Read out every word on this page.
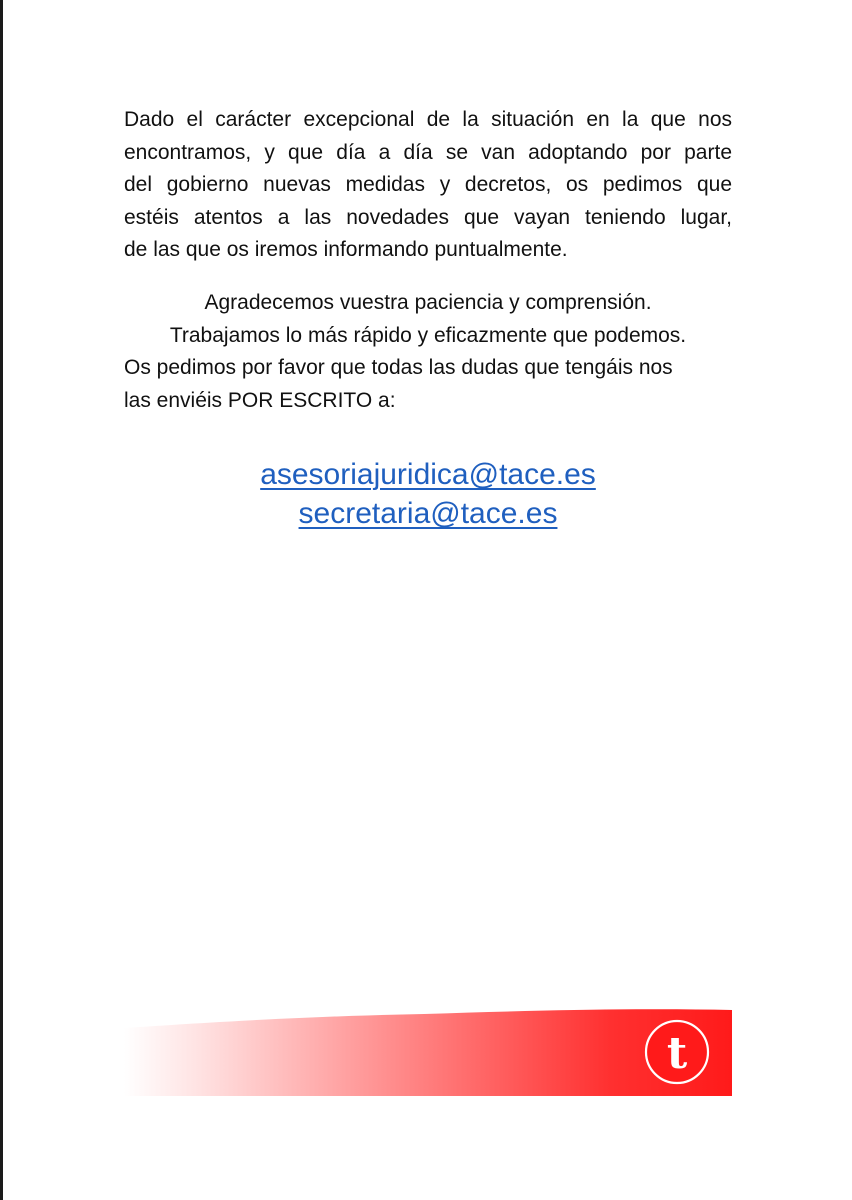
Dado el carácter excepcional de la situación en la que nos
encontramos, y que día a día se van adoptando por parte
del gobierno nuevas medidas y decretos, os pedimos que
estéis atentos a las novedades que vayan teniendo lugar,
de las que os iremos informando puntualmente.
Agradecemos vuestra paciencia y comprensión.
Trabajamos lo más rápido y eficazmente que podemos.
Os pedimos por favor que todas las dudas que tengáis nos
las enviéis POR ESCRITO a:
asesoriajuridica@tace.es
secretaria@tace.es
t
